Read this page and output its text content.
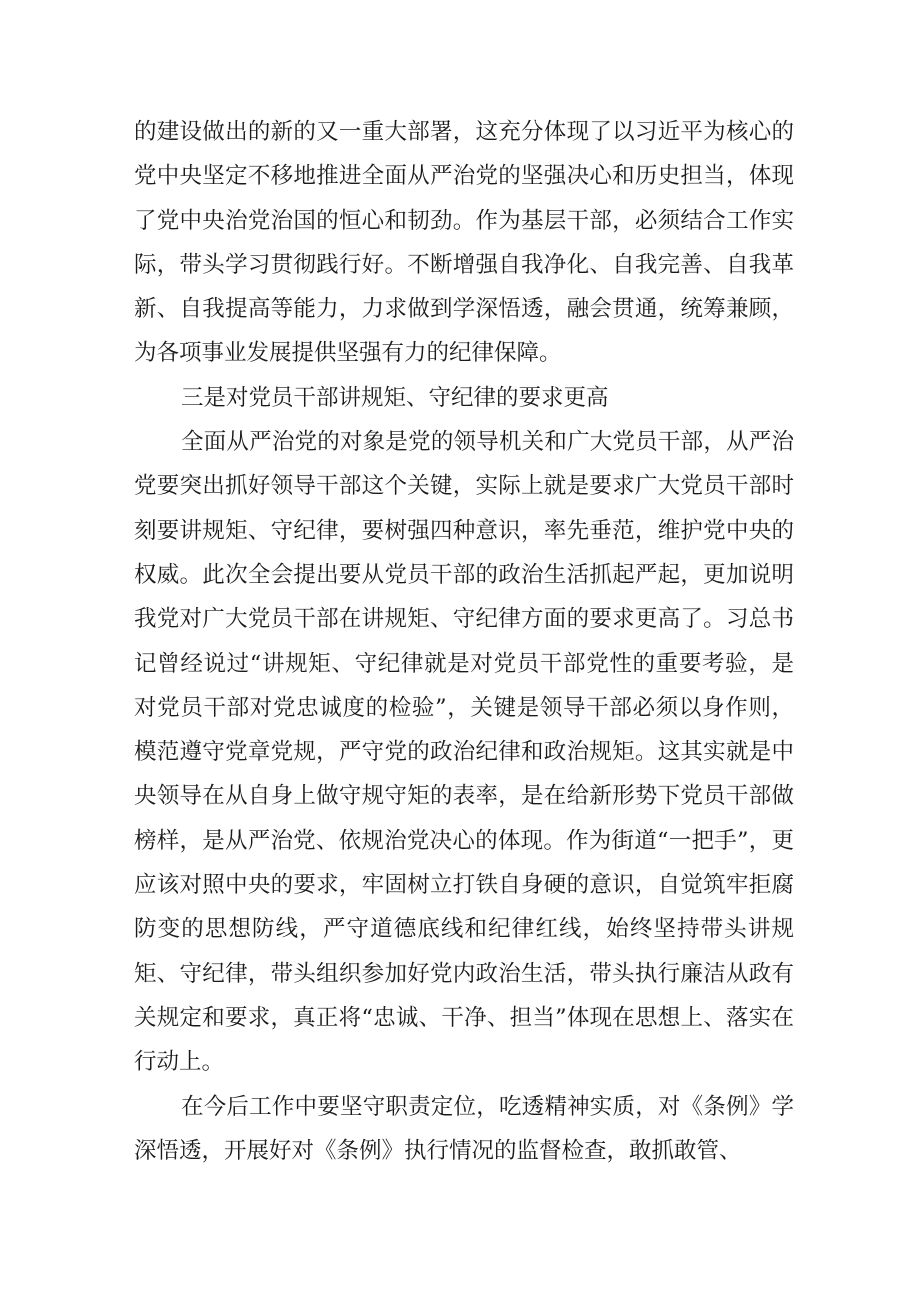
的建设做出的新的又一重大部署，这充分体现了以习近平为核心的党中央坚定不移地推进全面从严治党的坚强决心和历史担当，体现了党中央治党治国的恒心和韧劲。作为基层干部，必须结合工作实际，带头学习贯彻践行好。不断增强自我净化、自我完善、自我革新、自我提高等能力，力求做到学深悟透，融会贯通，统筹兼顾，为各项事业发展提供坚强有力的纪律保障。

三是对党员干部讲规矩、守纪律的要求更高

全面从严治党的对象是党的领导机关和广大党员干部，从严治党要突出抓好领导干部这个关键，实际上就是要求广大党员干部时刻要讲规矩、守纪律，要树强四种意识，率先垂范，维护党中央的权威。此次全会提出要从党员干部的政治生活抓起严起，更加说明我党对广大党员干部在讲规矩、守纪律方面的要求更高了。习总书记曾经说过“讲规矩、守纪律就是对党员干部党性的重要考验，是对党员干部对党忠诚度的检验”，关键是领导干部必须以身作则，模范遵守党章党规，严守党的政治纪律和政治规矩。这其实就是中央领导在从自身上做守规守矩的表率，是在给新形势下党员干部做榜样，是从严治党、依规治党决心的体现。作为街道“一把手”，更应该对照中央的要求，牢固树立打铁自身硬的意识，自觉筑牢拒腐防变的思想防线，严守道德底线和纪律红线，始终坚持带头讲规矩、守纪律，带头组织参加好党内政治生活，带头执行廉洁从政有关规定和要求，真正将“忠诚、干净、担当”体现在思想上、落实在行动上。

在今后工作中要坚守职责定位，吃透精神实质，对《条例》学深悟透，开展好对《条例》执行情况的监督检查，敢抓敢管、
